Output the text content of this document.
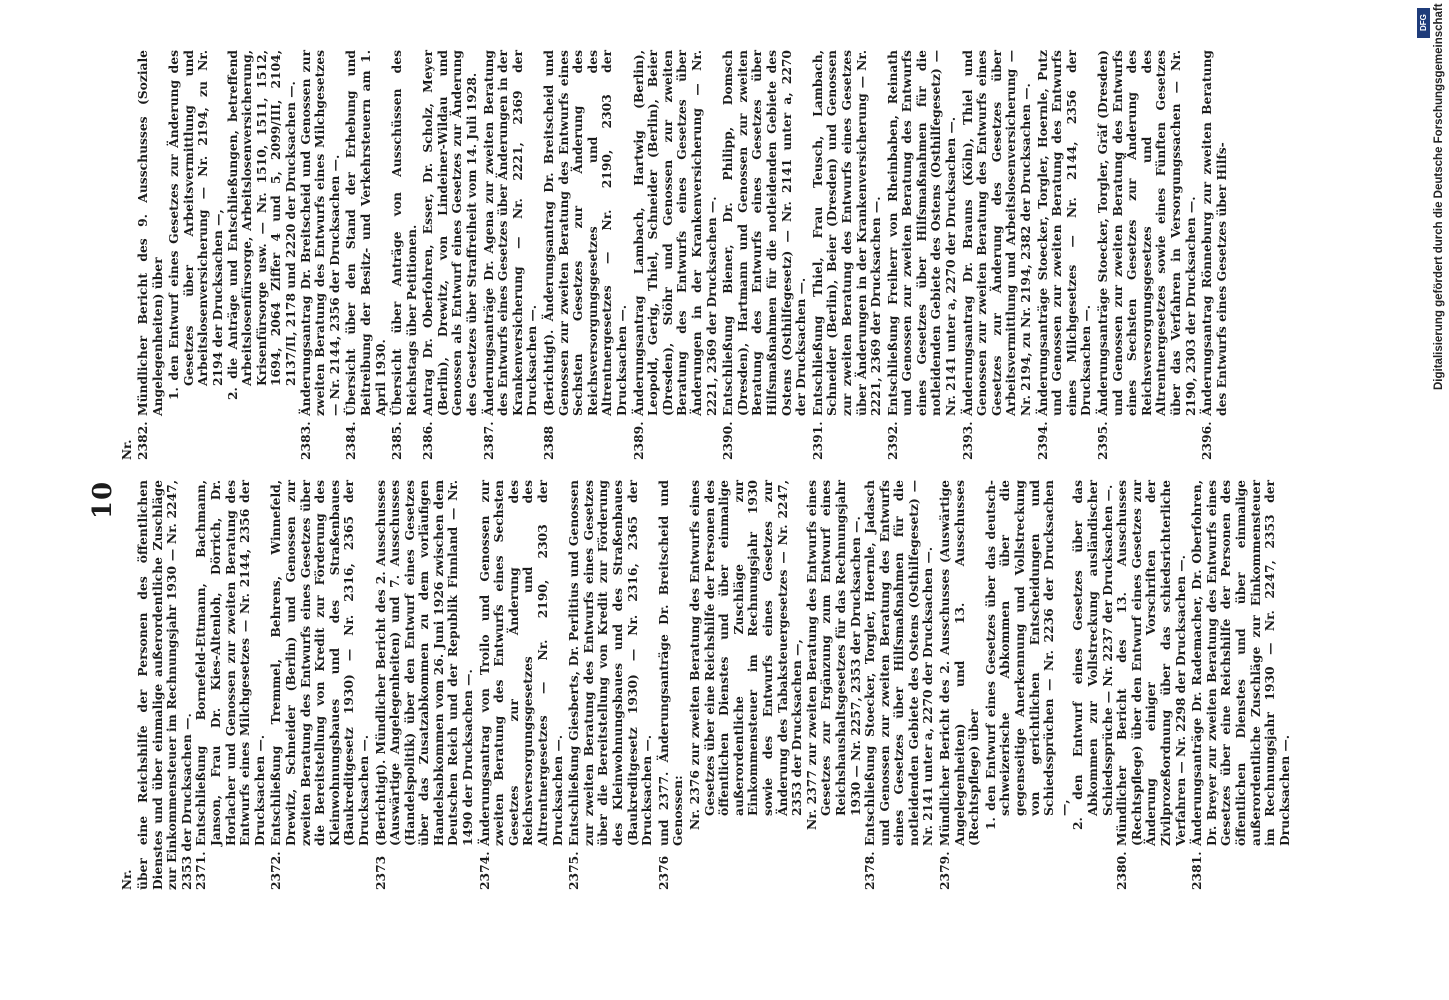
10
Nr. über eine Reichshilfe der Personen des öffentlichen Dienstes und über einmalige außerordentliche Zuschläge zur Einkommensteuer im Rechnungsjahr 1930 — Nr. 2247, 2353 der Drucksachen —. 2371.
Entschließung Bornefeld-Ettmann, Bachmann, Janson, Frau Dr. Kies-Altenloh, Dörrich, Dr. Horlacher und Genossen zur zweiten Beratung des Entwurfs eines Milchgesetzes — Nr. 2144, 2356 der Drucksachen —.
2372.
Entschließung Tremmel, Behrens, Winnefeld, Drewitz, Schneider (Berlin) und Genossen zur zweiten Beratung des Entwurfs eines Gesetzes über die Bereitstellung von Kredit zur Förderung des Kleinwohnungsbaues und des Straßenbaues (Baukreditgesetz 1930) — Nr. 2316, 2365 der Drucksachen —.
2373
(Berichtigt). Mündlicher Bericht des 2. Ausschusses (Auswärtige Angelegenheiten) und 7. Ausschusses (Handelspolitik) über den Entwurf eines Gesetzes über das Zusatzabkommen zu dem vorläufigen Handelsabkommen vom 26. Juni 1926 zwischen dem Deutschen Reich und der Republik Finnland — Nr. 1490 der Drucksachen —.
2374.
Änderungsantrag von Troilo und Genossen zur zweiten Beratung des Entwurfs eines Sechsten Gesetzes zur Änderung des Reichsversorgungsgesetzes und des Altrentnergesetzes — Nr. 2190, 2303 der Drucksachen —.
2375.
Entschließung Giesberts, Dr. Perlitius und Genossen zur zweiten Beratung des Entwurfs eines Gesetzes über die Bereitstellung von Kredit zur Förderung des Kleinwohnungsbaues und des Straßenbaues (Baukreditgesetz 1930) — Nr. 2316, 2365 der Drucksachen —.
2376
und 2377. Änderungsanträge Dr. Breitscheid und Genossen: Nr. 2376 zur zweiten Beratung des Entwurfs eines Gesetzes über eine Reichshilfe der Personen des öffentlichen Dienstes und über einmalige außerordentliche Zuschläge zur Einkommensteuer im Rechnungsjahr 1930 sowie des Entwurfs eines Gesetzes zur Änderung des Tabaksteuergesetzes — Nr. 2247, 2353 der Drucksachen —, Nr. 2377 zur zweiten Beratung des Entwurfs eines Gesetzes zur Ergänzung zum Entwurf eines Reichshaushaltsgesetzes für das Rechnungsjahr 1930 — Nr. 2257, 2353 der Drucksachen —.
2378.
Entschließung Stoecker, Torgler, Hoernle, Jadasch und Genossen zur zweiten Beratung des Entwurfs eines Gesetzes über Hilfsmaßnahmen für die notleidenden Gebiete des Ostens (Osthilfegesetz) — Nr. 2141 unter a, 2270 der Drucksachen —.
2379.
Mündlicher Bericht des 2. Ausschusses (Auswärtige Angelegenheiten) und 13. Ausschusses (Rechtspflege) über 1. den Entwurf eines Gesetzes über das deutsch-schweizerische Abkommen über die gegenseitige Anerkennung und Vollstreckung von gerichtlichen Entscheidungen und Schiedssprüchen — Nr. 2236 der Drucksachen —, 2. den Entwurf eines Gesetzes über das Abkommen zur Vollstreckung ausländischer Schiedssprüche — Nr. 2237 der Drucksachen —.
2380.
Mündlicher Bericht des 13. Ausschusses (Rechtspflege) über den Entwurf eines Gesetzes zur Änderung einiger Vorschriften der Zivilprozeßordnung über das schiedsrichterliche Verfahren — Nr. 2298 der Drucksachen —.
2381.
Änderungsanträge Dr. Rademacher, Dr. Oberfohren, Dr. Breyer zur zweiten Beratung des Entwurfs eines Gesetzes über eine Reichshilfe der Personen des öffentlichen Dienstes und über einmalige außerordentliche Zuschläge zur Einkommensteuer im Rechnungsjahr 1930 — Nr. 2247, 2353 der Drucksachen —.
Nr. 2382.
Mündlicher Bericht des 9. Ausschusses (Soziale Angelegenheiten) über 1. den Entwurf eines Gesetzes zur Änderung des Gesetzes über Arbeitsvermittlung und Arbeitslosenversicherung — Nr. 2194, zu Nr. 2194 der Drucksachen —, 2. die Anträge und Entschließungen, betreffend Arbeitslosenfürsorge, Arbeitslosenversicherung, Krisenfürsorge usw. — Nr. 1510, 1511, 1512, 1694, 2064 Ziffer 4 und 5, 2099/III, 2104, 2137/II, 2178 und 2220 der Drucksachen —.
2383.
Änderungsantrag Dr. Breitscheid und Genossen zur zweiten Beratung des Entwurfs eines Milchgesetzes — Nr. 2144, 2356 der Drucksachen —.
2384.
Übersicht über den Stand der Erhebung und Beitreibung der Besitz- und Verkehrsteuern am 1. April 1930.
2385.
Übersicht über Anträge von Ausschüssen des Reichstags über Petitionen.
2386.
Antrag Dr. Oberfohren, Esser, Dr. Scholz, Meyer (Berlin), Drewitz, von Lindeiner-Wildau und Genossen als Entwurf eines Gesetzes zur Änderung des Gesetzes über Straffreiheit vom 14. Juli 1928.
2387.
Änderungsanträge Dr. Agena zur zweiten Beratung des Entwurfs eines Gesetzes über Änderungen in der Krankenversicherung — Nr. 2221, 2369 der Drucksachen —.
2388
(Berichtigt). Änderungsantrag Dr. Breitscheid und Genossen zur zweiten Beratung des Entwurfs eines Sechsten Gesetzes zur Änderung des Reichsversorgungsgesetzes und des Altrentnergesetzes — Nr. 2190, 2303 der Drucksachen —.
2389.
Änderungsantrag Lambach, Hartwig (Berlin), Leopold, Gerig, Thiel, Schneider (Berlin), Beier (Dresden), Stöhr und Genossen zur zweiten Beratung des Entwurfs eines Gesetzes über Änderungen in der Krankenversicherung — Nr. 2221, 2369 der Drucksachen —.
2390.
Entschließung Biener, Dr. Philipp, Domsch (Dresden), Hartmann und Genossen zur zweiten Beratung des Entwurfs eines Gesetzes über Hilfsmaßnahmen für die notleidenden Gebiete des Ostens (Osthilfegesetz) — Nr. 2141 unter a, 2270 der Drucksachen —.
2391.
Entschließung Thiel, Frau Teusch, Lambach, Schneider (Berlin), Beier (Dresden) und Genossen zur zweiten Beratung des Entwurfs eines Gesetzes über Änderungen in der Krankenversicherung — Nr. 2221, 2369 der Drucksachen —.
2392.
Entschließung Freiherr von Rheinbaben, Reinath und Genossen zur zweiten Beratung des Entwurfs eines Gesetzes über Hilfsmaßnahmen für die notleidenden Gebiete des Ostens (Osthilfegesetz) — Nr. 2141 unter a, 2270 der Drucksachen —.
2393.
Änderungsantrag Dr. Brauns (Köln), Thiel und Genossen zur zweiten Beratung des Entwurfs eines Gesetzes zur Änderung des Gesetzes über Arbeitsvermittlung und Arbeitslosenversicherung — Nr. 2194, zu Nr. 2194, 2382 der Drucksachen —.
2394.
Änderungsanträge Stoecker, Torgler, Hoernle, Putz und Genossen zur zweiten Beratung des Entwurfs eines Milchgesetzes — Nr. 2144, 2356 der Drucksachen —.
2395.
Änderungsanträge Stoecker, Torgler, Gräf (Dresden) und Genossen zur zweiten Beratung des Entwurfs eines Sechsten Gesetzes zur Änderung des Reichsversorgungsgesetzes und des Altrentnergesetzes sowie eines Fünften Gesetzes über das Verfahren in Versorgungssachen — Nr. 2190, 2303 der Drucksachen —.
2396.
Änderungsantrag Rönneburg zur zweiten Beratung des Entwurfs eines Gesetzes über Hilfs-
DFG Digitalisierung gefördert durch die Deutsche Forschungsgemeinschaft
